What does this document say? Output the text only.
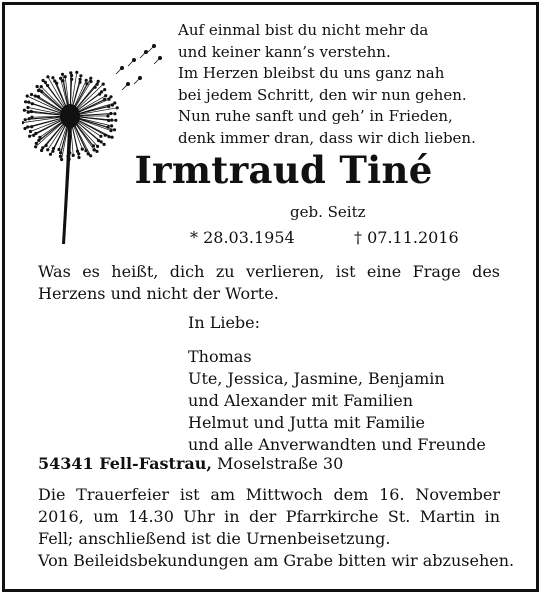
Auf einmal bist du nicht mehr da
und keiner kann’s verstehn.
Im Herzen bleibst du uns ganz nah
bei jedem Schritt, den wir nun gehen.
Nun ruhe sanft und geh’ in Frieden,
denk immer dran, dass wir dich lieben.
Irmtraud Tiné
geb. Seitz
* 28.03.1954	† 07.11.2016
Was es heißt, dich zu verlieren, ist eine Frage des Herzens und nicht der Worte.
In Liebe:
Thomas
Ute, Jessica, Jasmine, Benjamin
und Alexander mit Familien
Helmut und Jutta mit Familie
und alle Anverwandten und Freunde
54341 Fell-Fastrau, Moselstraße 30
Die Trauerfeier ist am Mittwoch dem 16. November 2016, um 14.30 Uhr in der Pfarrkirche St. Martin in Fell; anschließend ist die Urnenbeisetzung.
Von Beileidsbekundungen am Grabe bitten wir abzusehen.
